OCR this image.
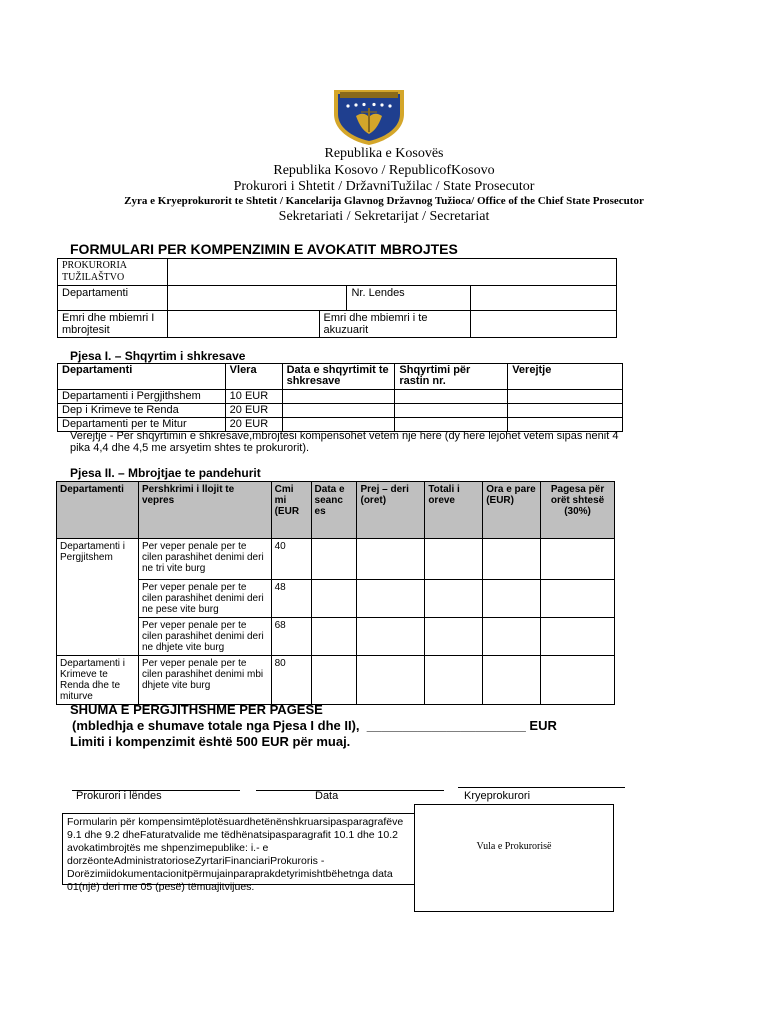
Republika e Kosovës
Republika Kosovo / RepublicofKosovo
Prokurori i Shtetit / DržavniTužilac / State Prosecutor
Zyra e Kryeprokurorit te Shtetit / Kancelarija Glavnog Državnog Tužioca/ Office of the Chief State Prosecutor
Sekretariati / Sekretarijat / Secretariat
FORMULARI PER KOMPENZIMIN E AVOKATIT MBROJTES
PROKURORIA TUŽILAŠTVO				
Departamenti			Nr. Lendes	
Emri dhe mbiemri I mbrojtesit		Emri dhe mbiemri i te akuzuarit		
Pjesa I. – Shqyrtim i shkresave
Departamenti	Vlera	Data e shqyrtimit te shkresave	Shqyrtimi për rastin nr.	Verejtje
Departamenti i Pergjithshem	10 EUR			
Dep i Krimeve te Renda	20 EUR			
Departamenti per te Mitur	20 EUR			
Verejtje - Per shqyrtimin e shkresave,mbrojtesi kompensohet vetem nje here (dy here lejohet vetem sipas nenit 4 pika 4,4 dhe 4,5 me arsyetim shtes te prokurorit).
Pjesa II. – Mbrojtjae te pandehurit
Departamenti	Pershkrimi i llojit te vepres	Cmi mi (EUR	Data e seanc es	Prej – deri (oret)	Totali i oreve	Ora e pare (EUR)	Pagesa për orët shtesë (30%)
Departamenti i Pergjitshem	Per veper penale per te cilen parashihet denimi deri ne tri vite burg	40					
	Per veper penale per te cilen parashihet denimi deri ne pese vite burg	48					
	Per veper penale per te cilen parashihet denimi deri ne dhjete vite burg	68					
Departamenti i Krimeve te Renda dhe te miturve	Per veper penale per te cilen parashihet denimi mbi dhjete vite burg	80					
SHUMA E PERGJITHSHME PER PAGESE
(mbledhja e shumave totale nga Pjesa I dhe II),  ______________________ EUR
Limiti i kompenzimit është 500 EUR për muaj.
Prokurori i lëndes	Data	Kryeprokurori
Formularin për kompensimtëplotësuardhetënënshkruarsipasparagrafëve 9.1 dhe 9.2 dheFaturatvalide me tëdhënatsipasparagrafit 10.1 dhe 10.2 avokatimbrojtës me shpenzimepublike: i.- e dorzëonteAdministratorioseZyrtariFinanciariProkuroris - Dorëzimiidokumentacionitpërmujainparaprakdetyrimishtbëhetnga data 01(një) deri me 05 (pesë) tëmuajitvijues.
Vula e Prokurorisë
